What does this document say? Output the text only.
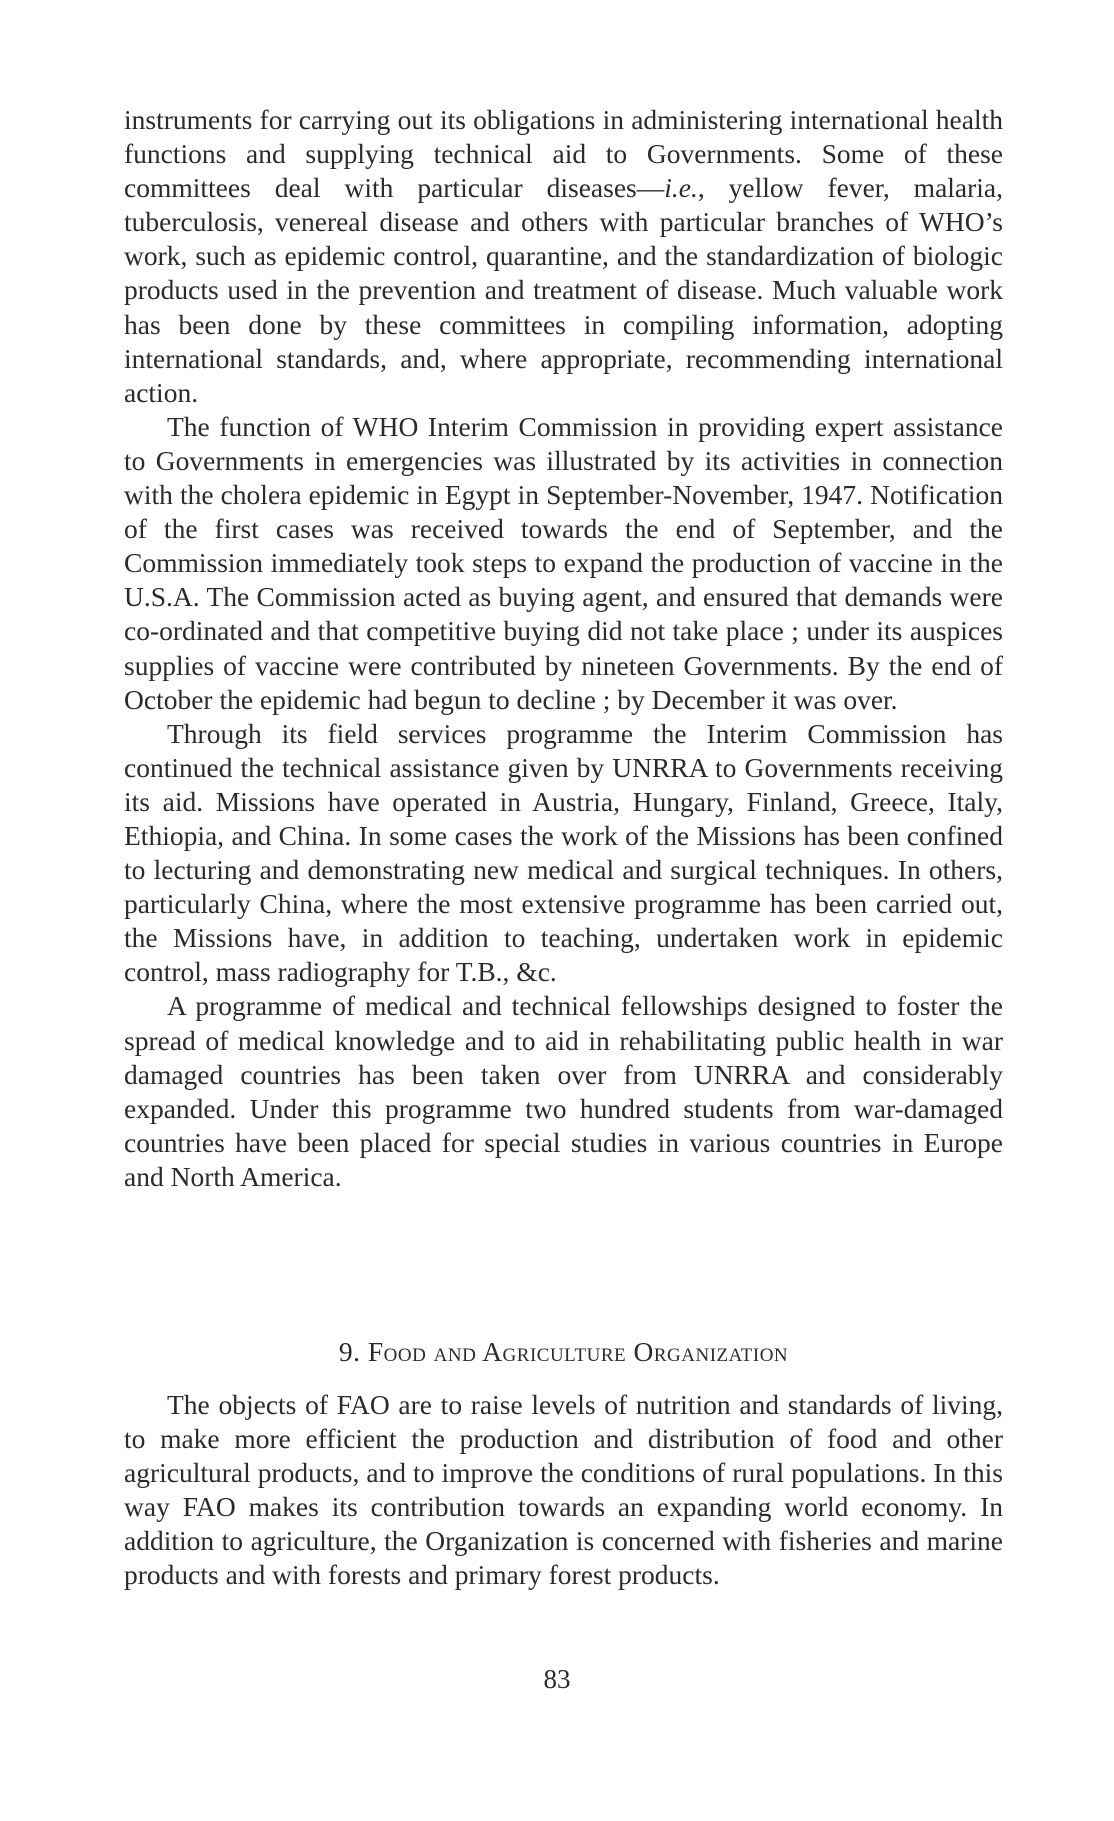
instruments for carrying out its obligations in administering international health functions and supplying technical aid to Governments. Some of these committees deal with particular diseases—i.e., yellow fever, malaria, tuberculosis, venereal disease and others with particular branches of WHO’s work, such as epidemic control, quarantine, and the standardization of biologic products used in the prevention and treatment of disease. Much valuable work has been done by these committees in compiling information, adopting international standards, and, where appropriate, recommending international action.

The function of WHO Interim Commission in providing expert assistance to Governments in emergencies was illustrated by its activities in connection with the cholera epidemic in Egypt in September-November, 1947. Notification of the first cases was received towards the end of September, and the Commission immediately took steps to expand the production of vaccine in the U.S.A. The Commission acted as buying agent, and ensured that demands were co-ordinated and that competitive buying did not take place ; under its auspices supplies of vaccine were contributed by nineteen Governments. By the end of October the epidemic had begun to decline ; by December it was over.

Through its field services programme the Interim Commission has continued the technical assistance given by UNRRA to Governments receiving its aid. Missions have operated in Austria, Hungary, Finland, Greece, Italy, Ethiopia, and China. In some cases the work of the Missions has been confined to lecturing and demonstrating new medical and surgical techniques. In others, particularly China, where the most extensive programme has been carried out, the Missions have, in addition to teaching, undertaken work in epidemic control, mass radiography for T.B., &c.

A programme of medical and technical fellowships designed to foster the spread of medical knowledge and to aid in rehabilitating public health in war damaged countries has been taken over from UNRRA and considerably expanded. Under this programme two hundred students from war-damaged countries have been placed for special studies in various countries in Europe and North America.

9. Food and Agriculture Organization

The objects of FAO are to raise levels of nutrition and standards of living, to make more efficient the production and distribution of food and other agricultural products, and to improve the conditions of rural populations. In this way FAO makes its contribution towards an expanding world economy. In addition to agriculture, the Organization is concerned with fisheries and marine products and with forests and primary forest products.

83
